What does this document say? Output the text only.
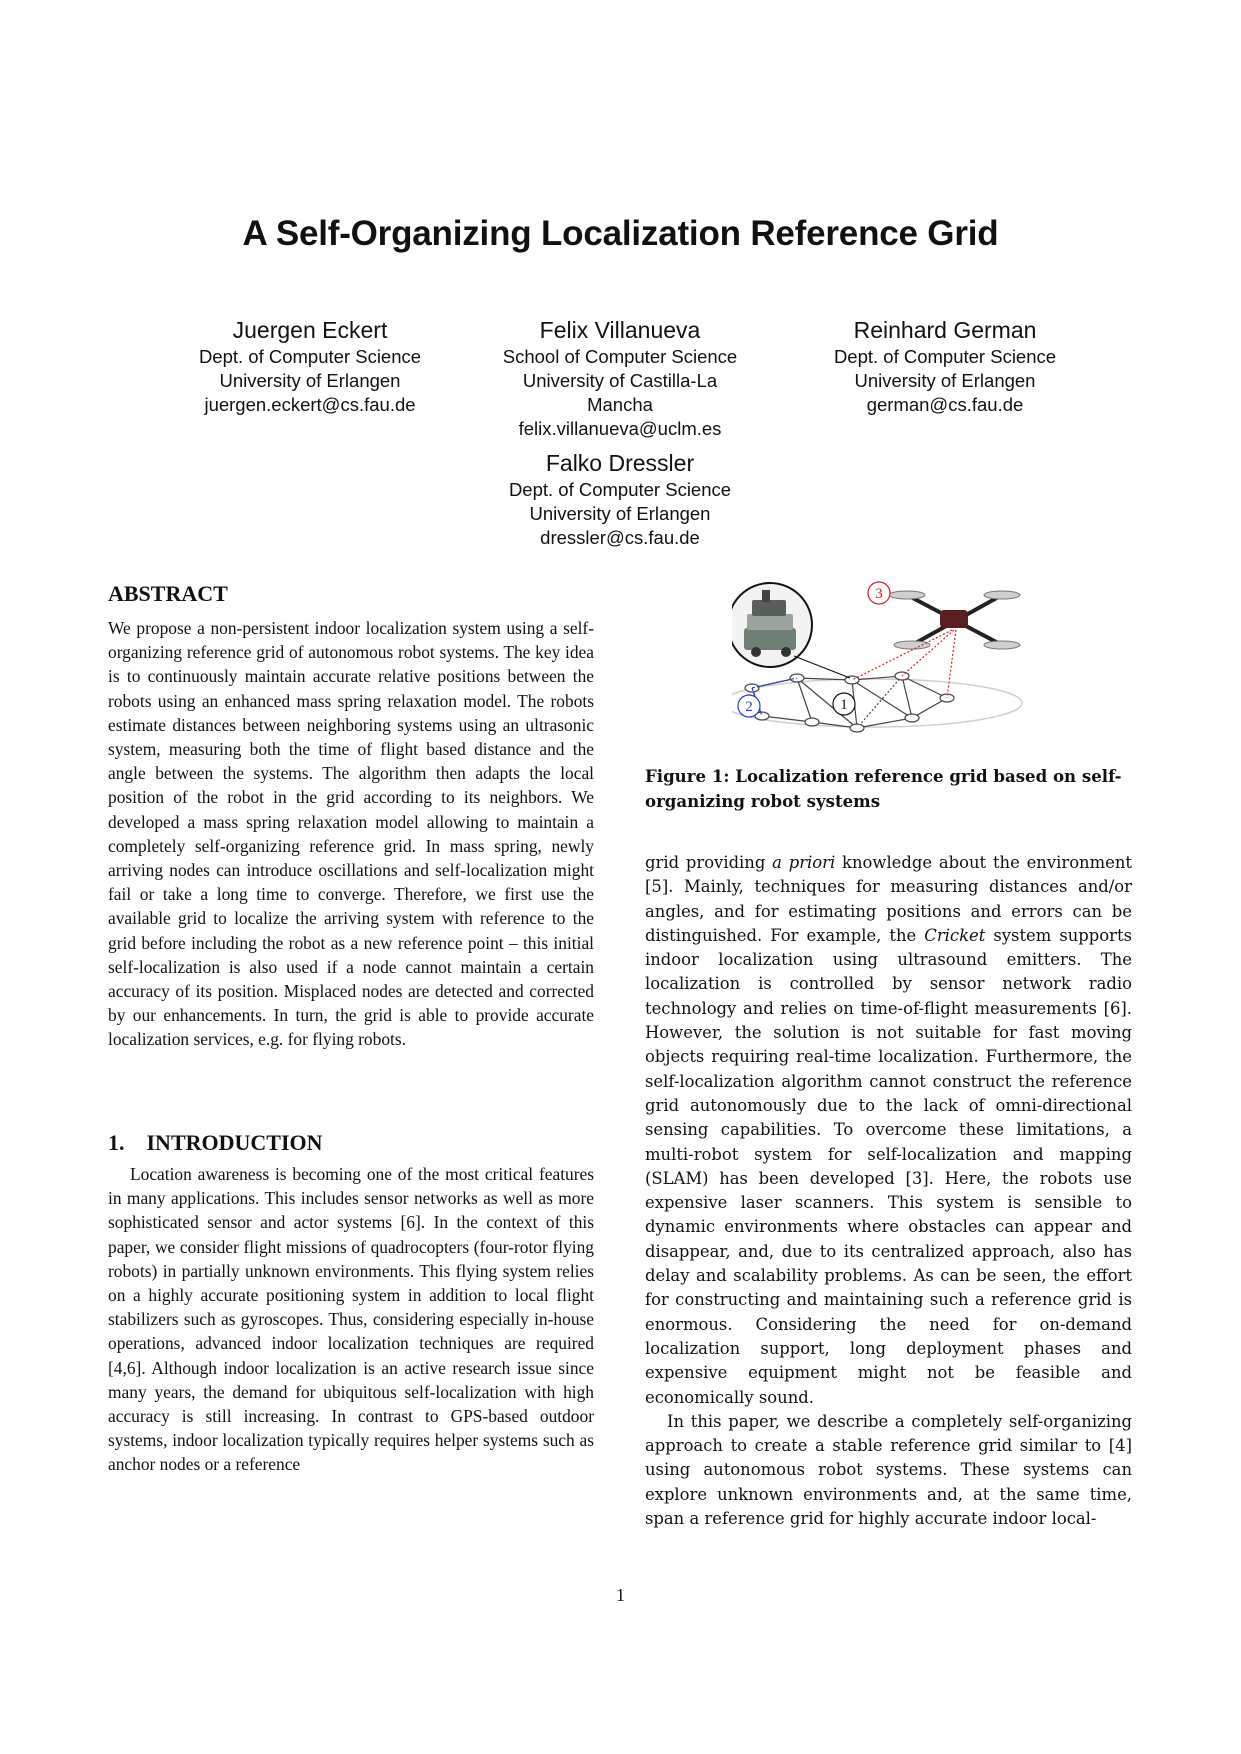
A Self-Organizing Localization Reference Grid
Juergen Eckert
Dept. of Computer Science
University of Erlangen
juergen.eckert@cs.fau.de
Felix Villanueva
School of Computer Science
University of Castilla-La
Mancha
felix.villanueva@uclm.es
Reinhard German
Dept. of Computer Science
University of Erlangen
german@cs.fau.de
Falko Dressler
Dept. of Computer Science
University of Erlangen
dressler@cs.fau.de
ABSTRACT

We propose a non-persistent indoor localization system using a self-organizing reference grid of autonomous robot systems. The key idea is to continuously maintain accurate relative positions between the robots using an enhanced mass spring relaxation model. The robots estimate distances between neighboring systems using an ultrasonic system, measuring both the time of flight based distance and the angle between the systems. The algorithm then adapts the local position of the robot in the grid according to its neighbors. We developed a mass spring relaxation model allowing to maintain a completely self-organizing reference grid. In mass spring, newly arriving nodes can introduce oscillations and self-localization might fail or take a long time to converge. Therefore, we first use the available grid to localize the arriving system with reference to the grid before including the robot as a new reference point – this initial self-localization is also used if a node cannot maintain a certain accuracy of its position. Misplaced nodes are detected and corrected by our enhancements. In turn, the grid is able to provide accurate localization services, e.g. for flying robots.

1.    INTRODUCTION

Location awareness is becoming one of the most critical features in many applications. This includes sensor networks as well as more sophisticated sensor and actor systems [6]. In the context of this paper, we consider flight missions of quadrocopters (four-rotor flying robots) in partially unknown environments. This flying system relies on a highly accurate positioning system in addition to local flight stabilizers such as gyroscopes. Thus, considering especially in-house operations, advanced indoor localization techniques are required [4,6]. Although indoor localization is an active research issue since many years, the demand for ubiquitous self-localization with high accuracy is still increasing. In contrast to GPS-based outdoor systems, indoor localization typically requires helper systems such as anchor nodes or a reference

1
2
3
Figure 1: Localization reference grid based on self-organizing robot systems

grid providing a priori knowledge about the environment [5]. Mainly, techniques for measuring distances and/or angles, and for estimating positions and errors can be distinguished. For example, the Cricket system supports indoor localization using ultrasound emitters. The localization is controlled by sensor network radio technology and relies on time-of-flight measurements [6]. However, the solution is not suitable for fast moving objects requiring real-time localization. Furthermore, the self-localization algorithm cannot construct the reference grid autonomously due to the lack of omni-directional sensing capabilities. To overcome these limitations, a multi-robot system for self-localization and mapping (SLAM) has been developed [3]. Here, the robots use expensive laser scanners. This system is sensible to dynamic environments where obstacles can appear and disappear, and, due to its centralized approach, also has delay and scalability problems. As can be seen, the effort for constructing and maintaining such a reference grid is enormous. Considering the need for on-demand localization support, long deployment phases and expensive equipment might not be feasible and economically sound.

In this paper, we describe a completely self-organizing approach to create a stable reference grid similar to [4] using autonomous robot systems. These systems can explore unknown environments and, at the same time, span a reference grid for highly accurate indoor local-

1
